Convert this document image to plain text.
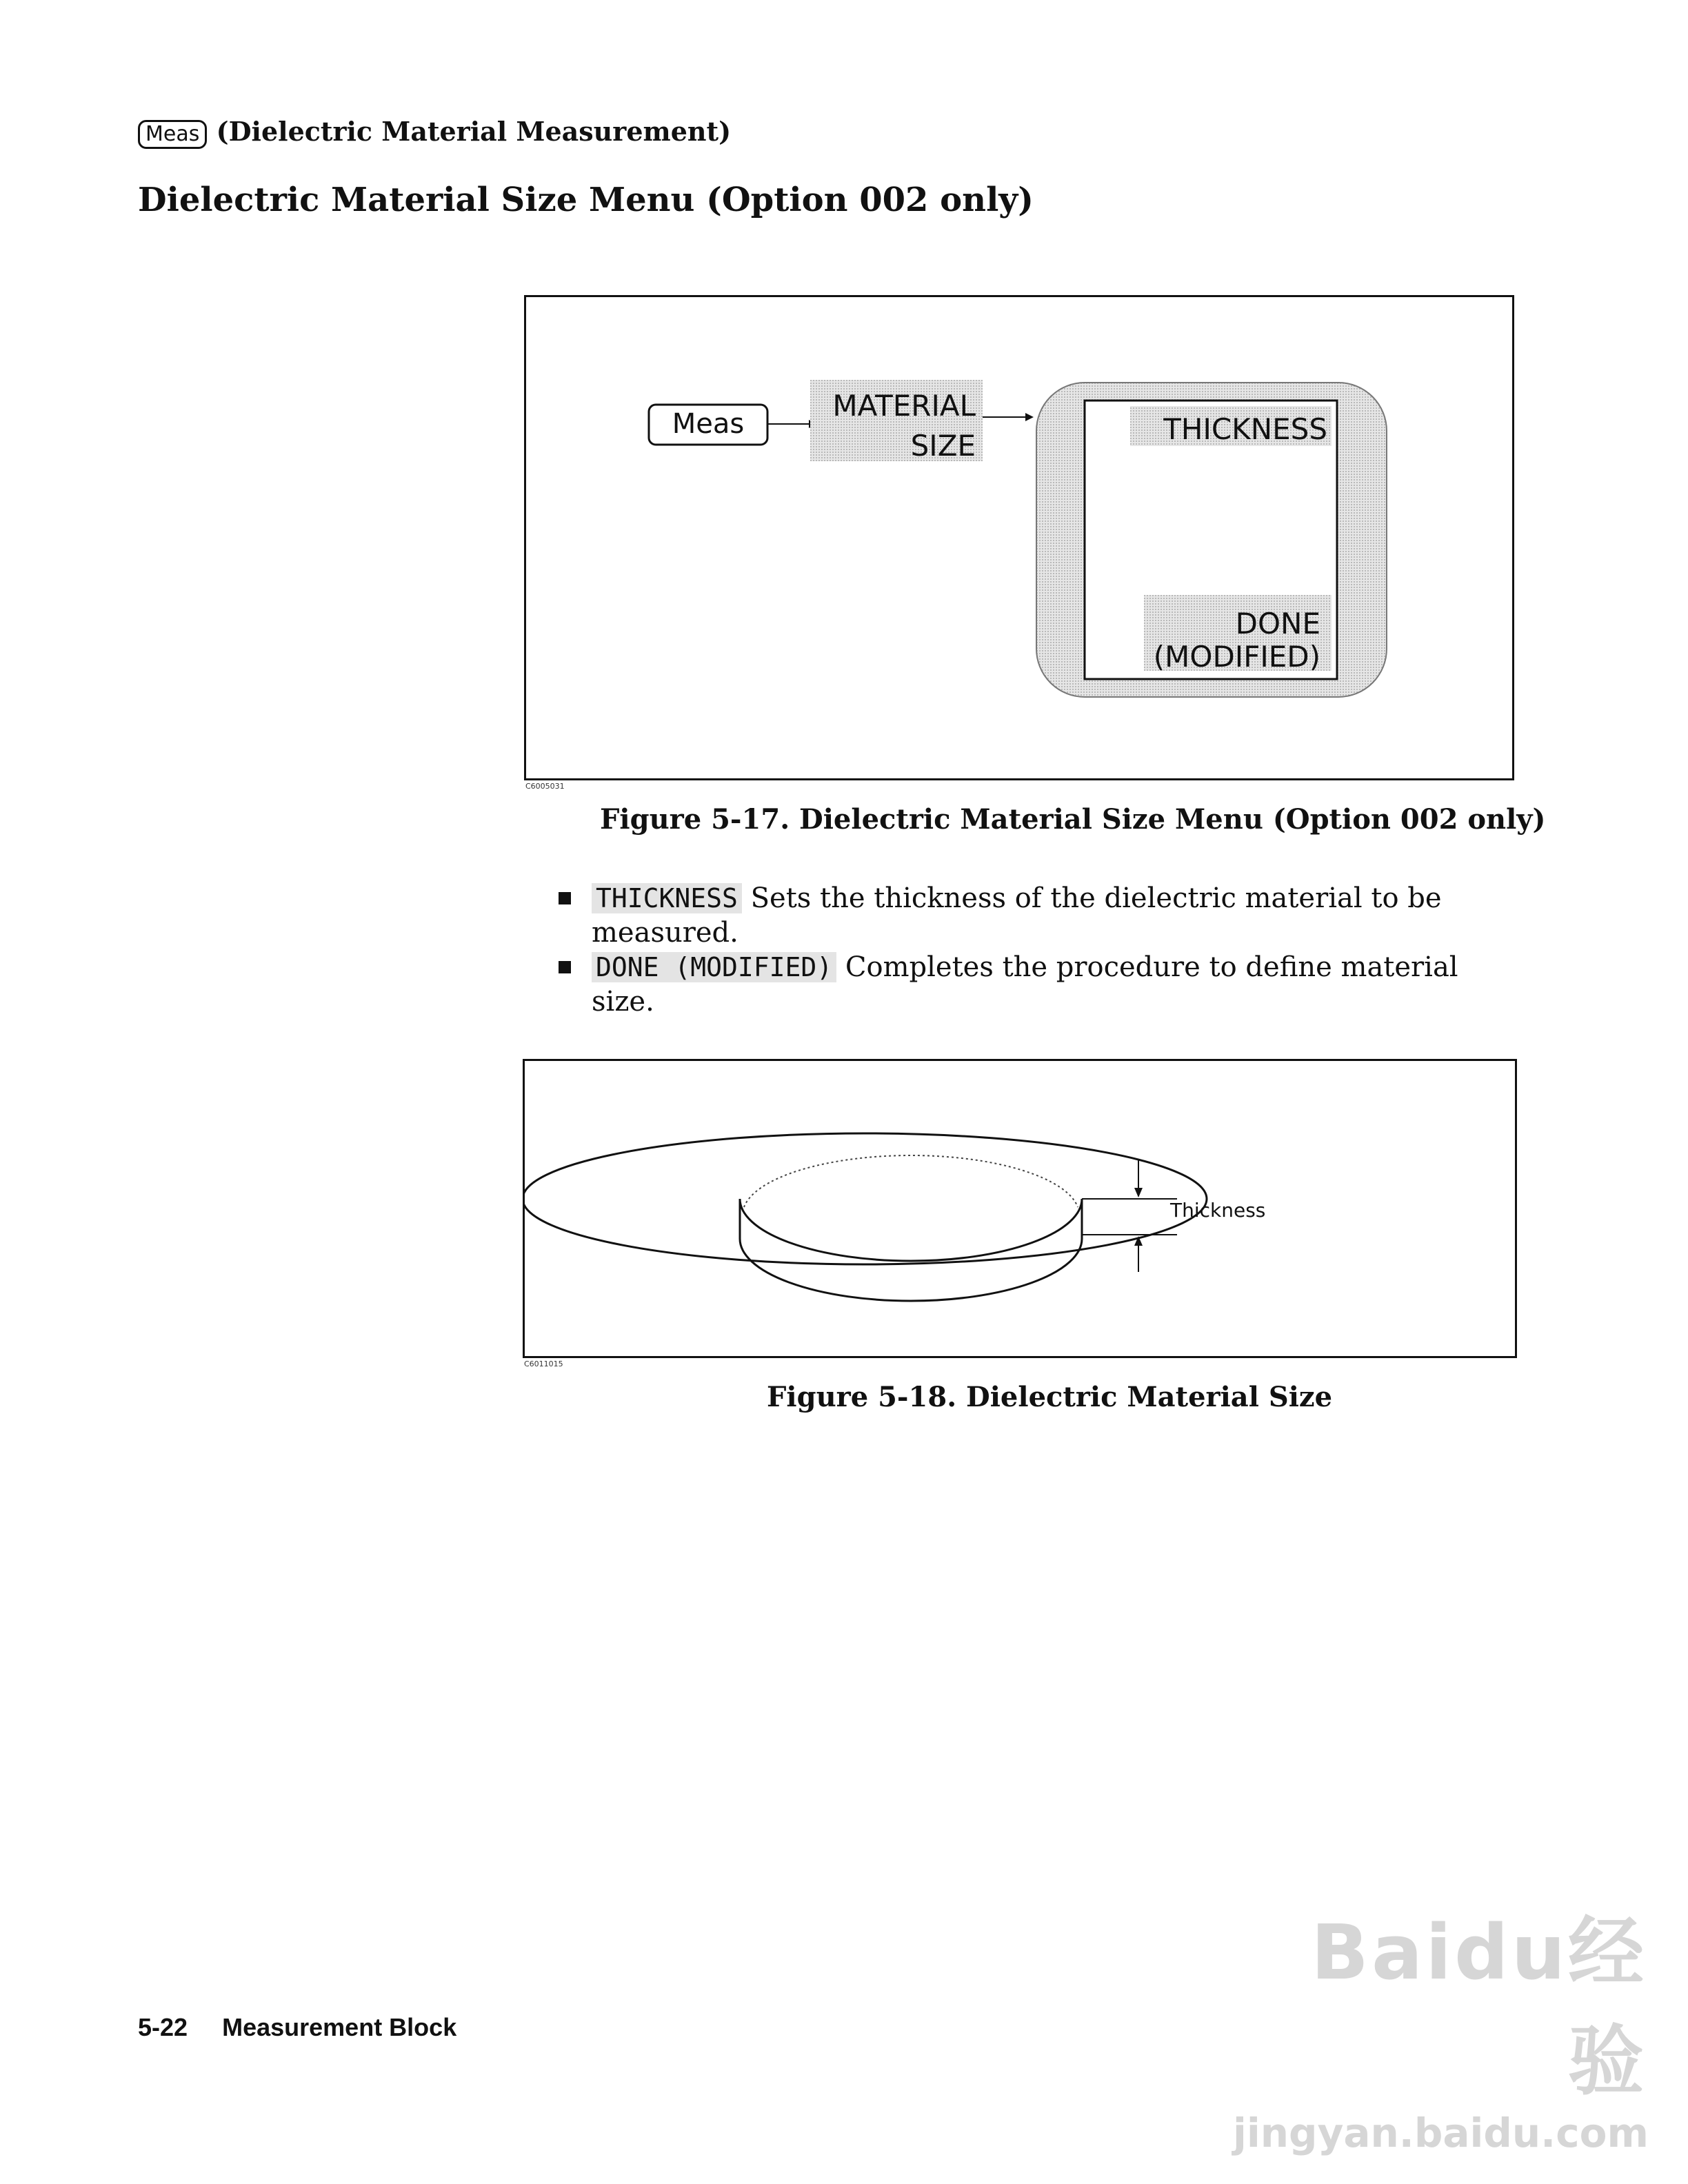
Meas (Dielectric Material Measurement)
Dielectric Material Size Menu (Option 002 only)
Meas
MATERIAL
SIZE	THICKNESS
DONE
(MODIFIED)
C6005031
Figure 5-17. Dielectric Material Size Menu (Option 002 only)
THICKNESS Sets the thickness of the dielectric material to be measured.
DONE (MODIFIED) Completes the procedure to define material size.
Thickness
C6011015
Figure 5-18. Dielectric Material Size
5-22 Measurement Block
Baidu经验
jingyan.baidu.com
